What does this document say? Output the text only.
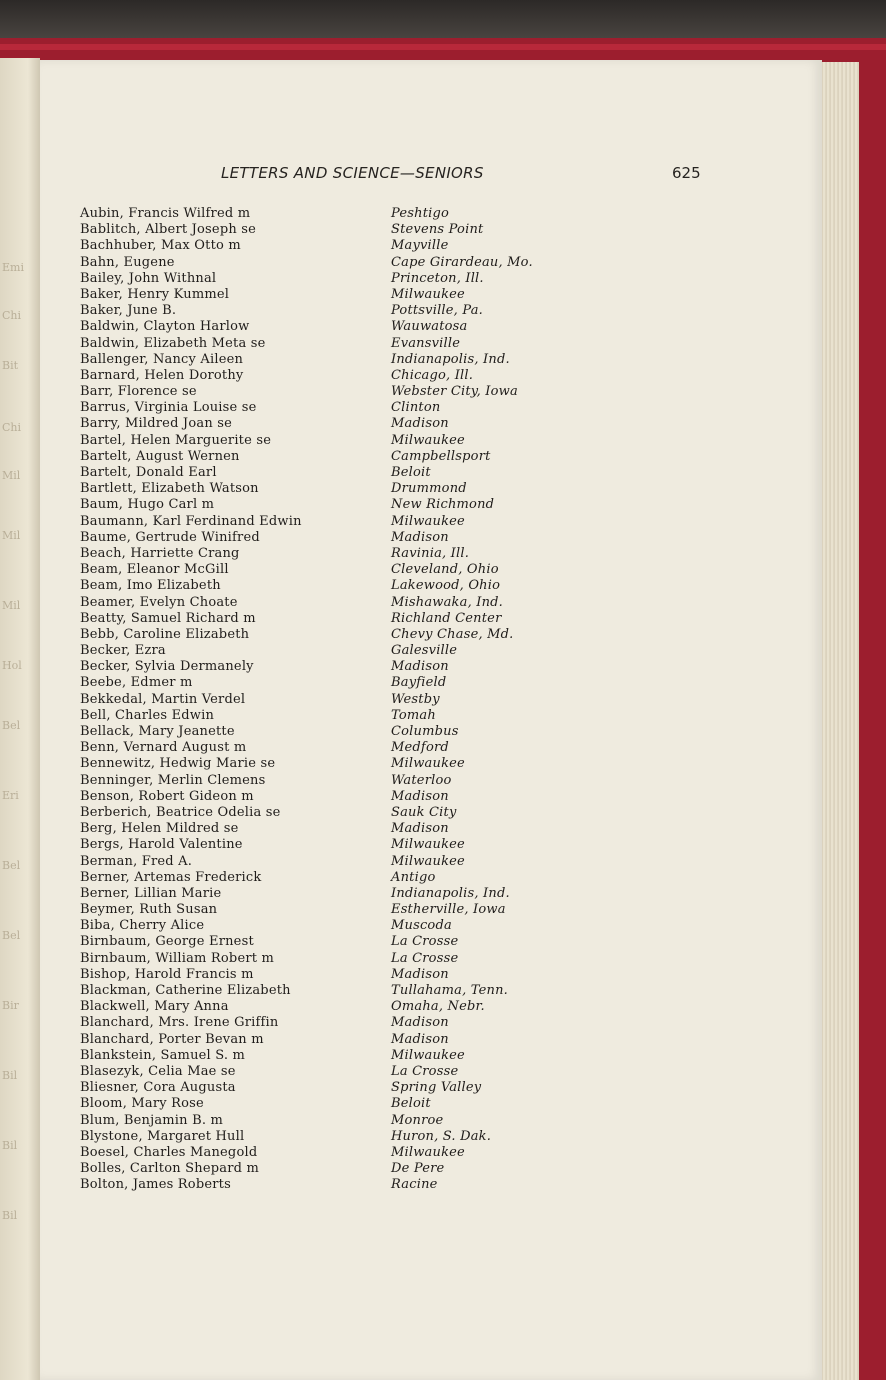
Emi
Chi
Bit
Chi
Mil
Mil
Mil
Hol
Bel
Eri
Bel
Bel
Bir
Bil
Bil
Bil
LETTERS AND SCIENCE—SENIORS	625
Aubin, Francis Wilfred m	Peshtigo
Bablitch, Albert Joseph se	Stevens Point
Bachhuber, Max Otto m	Mayville
Bahn, Eugene	Cape Girardeau, Mo.
Bailey, John Withnal	Princeton, Ill.
Baker, Henry Kummel	Milwaukee
Baker, June B.	Pottsville, Pa.
Baldwin, Clayton Harlow	Wauwatosa
Baldwin, Elizabeth Meta se	Evansville
Ballenger, Nancy Aileen	Indianapolis, Ind.
Barnard, Helen Dorothy	Chicago, Ill.
Barr, Florence se	Webster City, Iowa
Barrus, Virginia Louise se	Clinton
Barry, Mildred Joan se	Madison
Bartel, Helen Marguerite se	Milwaukee
Bartelt, August Wernen	Campbellsport
Bartelt, Donald Earl	Beloit
Bartlett, Elizabeth Watson	Drummond
Baum, Hugo Carl m	New Richmond
Baumann, Karl Ferdinand Edwin	Milwaukee
Baume, Gertrude Winifred	Madison
Beach, Harriette Crang	Ravinia, Ill.
Beam, Eleanor McGill	Cleveland, Ohio
Beam, Imo Elizabeth	Lakewood, Ohio
Beamer, Evelyn Choate	Mishawaka, Ind.
Beatty, Samuel Richard m	Richland Center
Bebb, Caroline Elizabeth	Chevy Chase, Md.
Becker, Ezra	Galesville
Becker, Sylvia Dermanely	Madison
Beebe, Edmer m	Bayfield
Bekkedal, Martin Verdel	Westby
Bell, Charles Edwin	Tomah
Bellack, Mary Jeanette	Columbus
Benn, Vernard August m	Medford
Bennewitz, Hedwig Marie se	Milwaukee
Benninger, Merlin Clemens	Waterloo
Benson, Robert Gideon m	Madison
Berberich, Beatrice Odelia se	Sauk City
Berg, Helen Mildred se	Madison
Bergs, Harold Valentine	Milwaukee
Berman, Fred A.	Milwaukee
Berner, Artemas Frederick	Antigo
Berner, Lillian Marie	Indianapolis, Ind.
Beymer, Ruth Susan	Estherville, Iowa
Biba, Cherry Alice	Muscoda
Birnbaum, George Ernest	La Crosse
Birnbaum, William Robert m	La Crosse
Bishop, Harold Francis m	Madison
Blackman, Catherine Elizabeth	Tullahama, Tenn.
Blackwell, Mary Anna	Omaha, Nebr.
Blanchard, Mrs. Irene Griffin	Madison
Blanchard, Porter Bevan m	Madison
Blankstein, Samuel S. m	Milwaukee
Blasezyk, Celia Mae se	La Crosse
Bliesner, Cora Augusta	Spring Valley
Bloom, Mary Rose	Beloit
Blum, Benjamin B. m	Monroe
Blystone, Margaret Hull	Huron, S. Dak.
Boesel, Charles Manegold	Milwaukee
Bolles, Carlton Shepard m	De Pere
Bolton, James Roberts	Racine
